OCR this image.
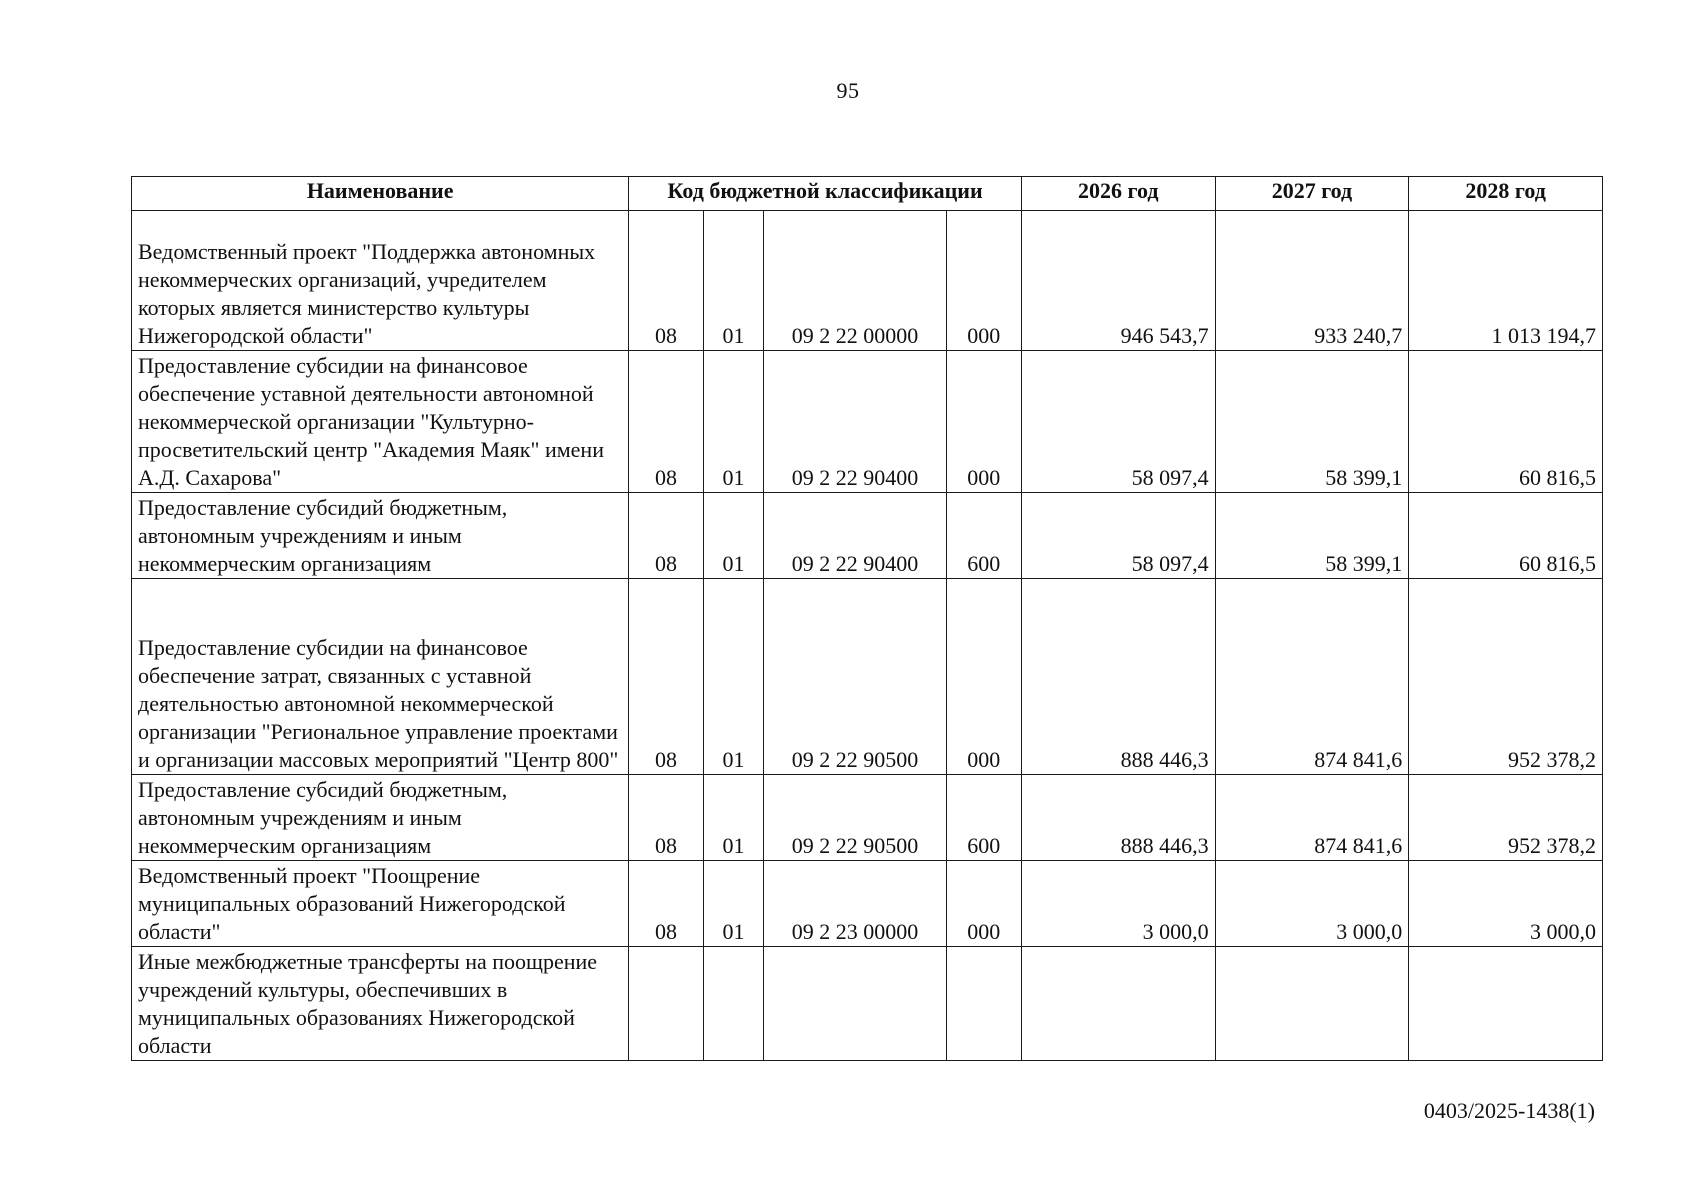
95
Наименование	Код бюджетной классификации				2026 год	2027 год	2028 год
Ведомственный проект "Поддержка автономных некоммерческих организаций, учредителем которых является министерство культуры Нижегородской области"	08	01	09 2 22 00000	000	946 543,7	933 240,7	1 013 194,7
Предоставление субсидии на финансовое обеспечение уставной деятельности автономной некоммерческой организации "Культурно-просветительский центр "Академия Маяк" имени А.Д. Сахарова"	08	01	09 2 22 90400	000	58 097,4	58 399,1	60 816,5
Предоставление субсидий бюджетным, автономным учреждениям и иным некоммерческим организациям	08	01	09 2 22 90400	600	58 097,4	58 399,1	60 816,5
Предоставление субсидии на финансовое обеспечение затрат, связанных с уставной деятельностью автономной некоммерческой организации "Региональное управление проектами и организации массовых мероприятий "Центр 800"	08	01	09 2 22 90500	000	888 446,3	874 841,6	952 378,2
Предоставление субсидий бюджетным, автономным учреждениям и иным некоммерческим организациям	08	01	09 2 22 90500	600	888 446,3	874 841,6	952 378,2
Ведомственный проект "Поощрение муниципальных образований Нижегородской области"	08	01	09 2 23 00000	000	3 000,0	3 000,0	3 000,0
Иные межбюджетные трансферты на поощрение учреждений культуры, обеспечивших в муниципальных образованиях Нижегородской области							
0403/2025-1438(1)
